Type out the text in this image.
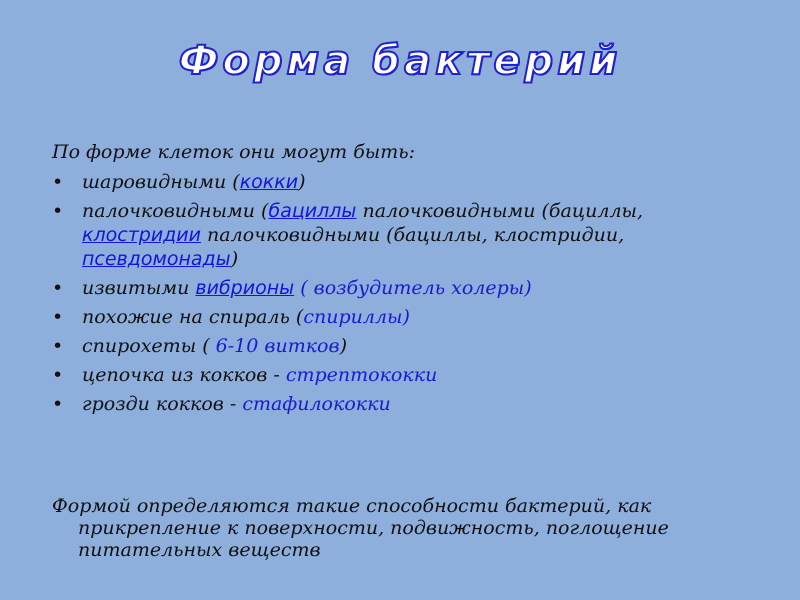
Форма бактерий

По форме клеток они могут быть:

• шаровидными (кокки)
• палочковидными (бациллы палочковидными (бациллы, клостридии палочковидными (бациллы, клостридии, псевдомонады)
• извитыми вибрионы ( возбудитель холеры)
• похожие на спираль (спириллы)
• спирохеты ( 6-10 витков)
• цепочка из кокков - стрептококки
• грозди кокков - стафилококки

Формой определяются такие способности бактерий, как прикрепление к поверхности, подвижность, поглощение питательных веществ
